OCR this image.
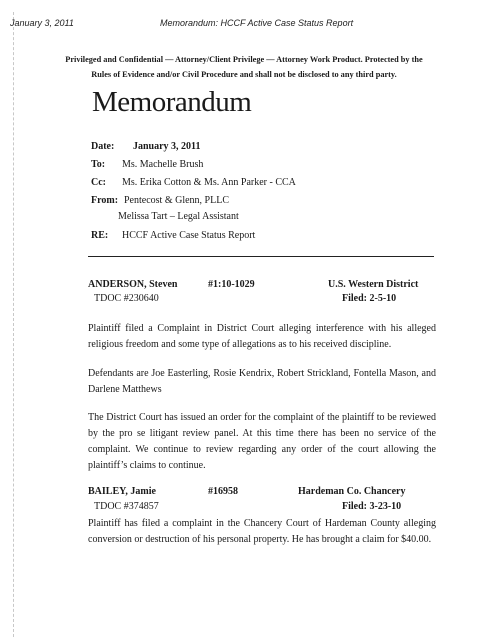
January 3, 2011	Memorandum: HCCF Active Case Status Report
Privileged and Confidential — Attorney/Client Privilege — Attorney Work Product. Protected by the Rules of Evidence and/or Civil Procedure and shall not be disclosed to any third party.
Memorandum
Date: January 3, 2011
To: Ms. Machelle Brush
Cc: Ms. Erika Cotton & Ms. Ann Parker - CCA
From: Pentecost & Glenn, PLLC
Melissa Tart – Legal Assistant
RE: HCCF Active Case Status Report
ANDERSON, Steven	#1:10-1029	U.S. Western District
TDOC #230640	Filed: 2-5-10

Plaintiff filed a Complaint in District Court alleging interference with his alleged religious freedom and some type of allegations as to his received discipline.

Defendants are Joe Easterling, Rosie Kendrix, Robert Strickland, Fontella Mason, and Darlene Matthews

The District Court has issued an order for the complaint of the plaintiff to be reviewed by the pro se litigant review panel. At this time there has been no service of the complaint. We continue to review regarding any order of the court allowing the plaintiff’s claims to continue.

BAILEY, Jamie	#16958	Hardeman Co. Chancery
TDOC #374857	Filed: 3-23-10

Plaintiff has filed a complaint in the Chancery Court of Hardeman County alleging conversion or destruction of his personal property. He has brought a claim for $40.00.
